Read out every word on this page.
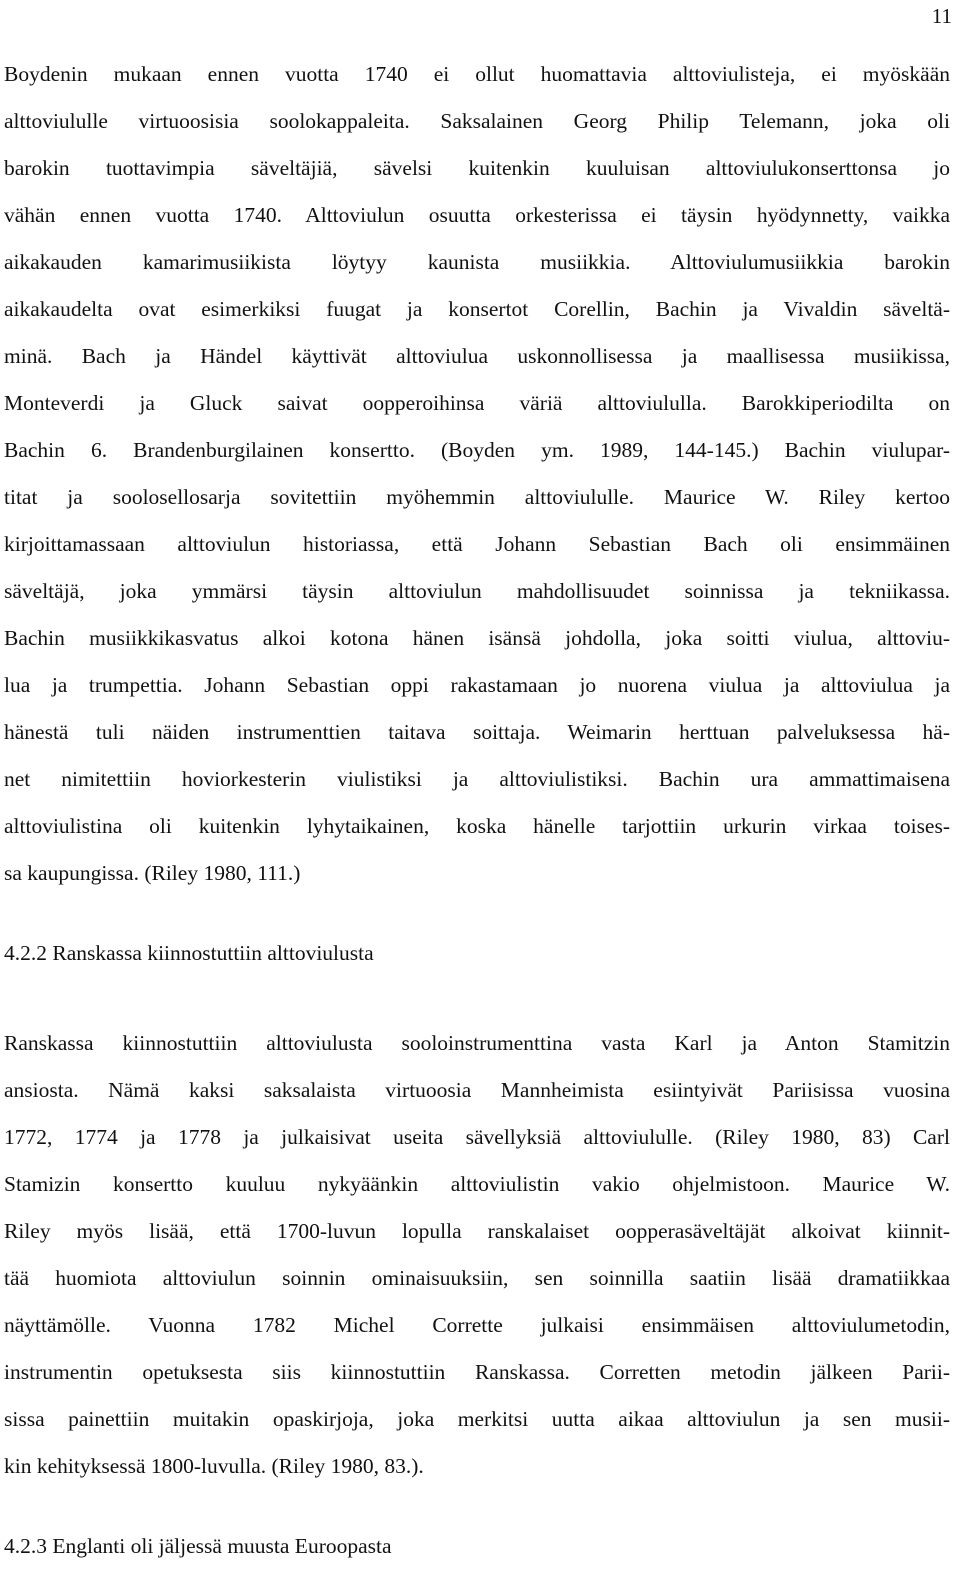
11
Boydenin mukaan ennen vuotta 1740 ei ollut huomattavia alttoviulisteja, ei myöskään
alttoviululle virtuoosisia soolokappaleita. Saksalainen Georg Philip Telemann, joka oli
barokin tuottavimpia säveltäjiä, sävelsi kuitenkin kuuluisan alttoviulukonserttonsa jo
vähän ennen vuotta 1740. Alttoviulun osuutta orkesterissa ei täysin hyödynnetty, vaikka
aikakauden kamarimusiikista löytyy kaunista musiikkia. Alttoviulumusiikkia barokin
aikakaudelta ovat esimerkiksi fuugat ja konsertot Corellin, Bachin ja Vivaldin säveltä-
minä. Bach ja Händel käyttivät alttoviulua uskonnollisessa ja maallisessa musiikissa,
Monteverdi ja Gluck saivat oopperoihinsa väriä alttoviululla. Barokkiperiodilta on
Bachin 6. Brandenburgilainen konsertto. (Boyden ym. 1989, 144-145.) Bachin viulupar-
titat ja soolosellosarja sovitettiin myöhemmin alttoviululle. Maurice W. Riley kertoo
kirjoittamassaan alttoviulun historiassa, että Johann Sebastian Bach oli ensimmäinen
säveltäjä, joka ymmärsi täysin alttoviulun mahdollisuudet soinnissa ja tekniikassa.
Bachin musiikkikasvatus alkoi kotona hänen isänsä johdolla, joka soitti viulua, alttoviu-
lua ja trumpettia. Johann Sebastian oppi rakastamaan jo nuorena viulua ja alttoviulua ja
hänestä tuli näiden instrumenttien taitava soittaja. Weimarin herttuan palveluksessa hä-
net nimitettiin hoviorkesterin viulistiksi ja alttoviulistiksi. Bachin ura ammattimaisena
alttoviulistina oli kuitenkin lyhytaikainen, koska hänelle tarjottiin urkurin virkaa toises-
sa kaupungissa. (Riley 1980, 111.)
4.2.2 Ranskassa kiinnostuttiin alttoviulusta
Ranskassa kiinnostuttiin alttoviulusta sooloinstrumenttina vasta Karl ja Anton Stamitzin
ansiosta. Nämä kaksi saksalaista virtuoosia Mannheimista esiintyivät Pariisissa vuosina
1772, 1774 ja 1778 ja julkaisivat useita sävellyksiä alttoviululle. (Riley 1980, 83) Carl
Stamizin konsertto kuuluu nykyäänkin alttoviulistin vakio ohjelmistoon. Maurice W.
Riley myös lisää, että 1700-luvun lopulla ranskalaiset oopperasäveltäjät alkoivat kiinnit-
tää huomiota alttoviulun soinnin ominaisuuksiin, sen soinnilla saatiin lisää dramatiikkaa
näyttämölle. Vuonna 1782 Michel Corrette julkaisi ensimmäisen alttoviulumetodin,
instrumentin opetuksesta siis kiinnostuttiin Ranskassa. Corretten metodin jälkeen Parii-
sissa painettiin muitakin opaskirjoja, joka merkitsi uutta aikaa alttoviulun ja sen musii-
kin kehityksessä 1800-luvulla. (Riley 1980, 83.).
4.2.3 Englanti oli jäljessä muusta Euroopasta
